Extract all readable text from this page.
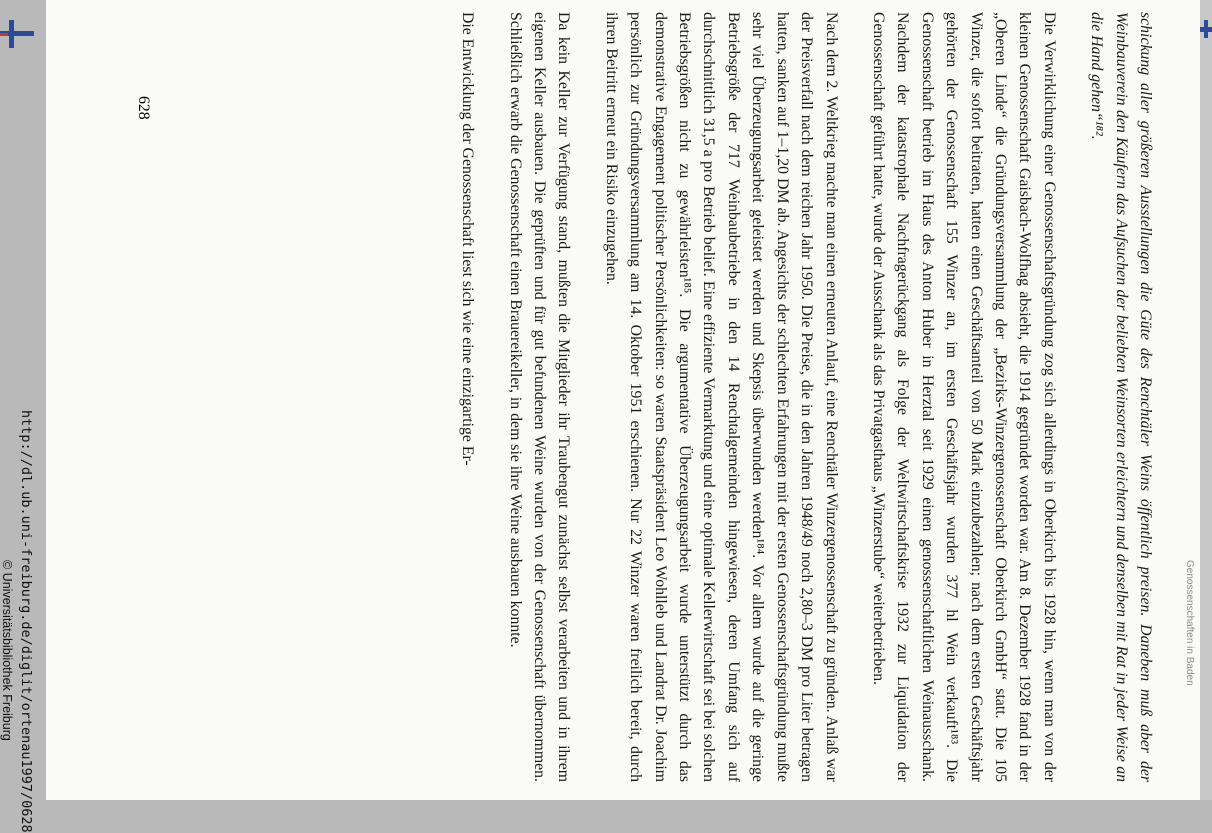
schickung aller größeren Ausstellungen die Güte des Renchtäler Weins öffentlich preisen. Daneben muß aber der Weinbauverein den Käufern das Aufsuchen der beliebten Weinsorten erleichtern und denselben mit Rat in jeder Weise an die Hand gehen“¹⁸².

Die Verwirklichung einer Genossenschaftsgründung zog sich allerdings in Oberkirch bis 1928 hin, wenn man von der kleinen Genossenschaft Gaisbach-Wolfhag absieht, die 1914 gegründet worden war. Am 8. Dezember 1928 fand in der „Oberen Linde“ die Gründungsversammlung der „Bezirks-Winzergenossenschaft Oberkirch GmbH“ statt. Die 105 Winzer, die sofort beitraten, hatten einen Geschäftsanteil von 50 Mark einzubezahlen; nach dem ersten Geschäftsjahr gehörten der Genossenschaft 155 Winzer an, im ersten Geschäftsjahr wurden 377 hl Wein verkauft¹⁸³. Die Genossenschaft betrieb im Haus des Anton Huber in Herztal seit 1929 einen genossenschaftlichen Weinausschank. Nachdem der katastrophale Nachfragerückgang als Folge der Weltwirtschaftskrise 1932 zur Liquidation der Genossenschaft geführt hatte, wurde der Ausschank als das Privatgasthaus „Winzerstube“ weiterbetrieben.

Nach dem 2. Weltkrieg machte man einen erneuten Anlauf, eine Renchtäler Winzergenossenschaft zu gründen. Anlaß war der Preisverfall nach dem reichen Jahr 1950. Die Preise, die in den Jahren 1948/49 noch 2,80–3 DM pro Liter betragen hatten, sanken auf 1–1,20 DM ab. Angesichts der schlechten Erfahrungen mit der ersten Genossenschaftsgründung mußte sehr viel Überzeugungsarbeit geleistet werden und Skepsis überwunden werden¹⁸⁴. Vor allem wurde auf die geringe Betriebsgröße der 717 Weinbaubetriebe in den 14 Renchtalgemeinden hingewiesen, deren Umfang sich auf durchschnittlich 31,5 a pro Betrieb belief. Eine effiziente Vermarktung und eine optimale Kellerwirtschaft sei bei solchen Betriebsgrößen nicht zu gewährleisten¹⁸⁵. Die argumentative Überzeugungsarbeit wurde unterstützt durch das demonstrative Engagement politischer Persönlichkeiten: so waren Staatspräsident Leo Wohlleb und Landrat Dr. Joachim persönlich zur Gründungsversammlung am 14. Oktober 1951 erschienen. Nur 22 Winzer waren freilich bereit, durch ihren Beitritt erneut ein Risiko einzugehen.

Da kein Keller zur Verfügung stand, mußten die Mitglieder ihr Traubengut zunächst selbst verarbeiten und in ihrem eigenen Keller ausbauen. Die geprüften und für gut befundenen Weine wurden von der Genossenschaft übernommen. Schließlich erwarb die Genossenschaft einen Brauereikeller, in dem sie ihre Weine ausbauen konnte.

Die Entwicklung der Genossenschaft liest sich wie eine einzigartige Er-

628
Genossenschaften in Baden
http://dl.ub.uni-freiburg.de/diglit/ortenau1997/0628
© Universitätsbibliothek Freiburg
